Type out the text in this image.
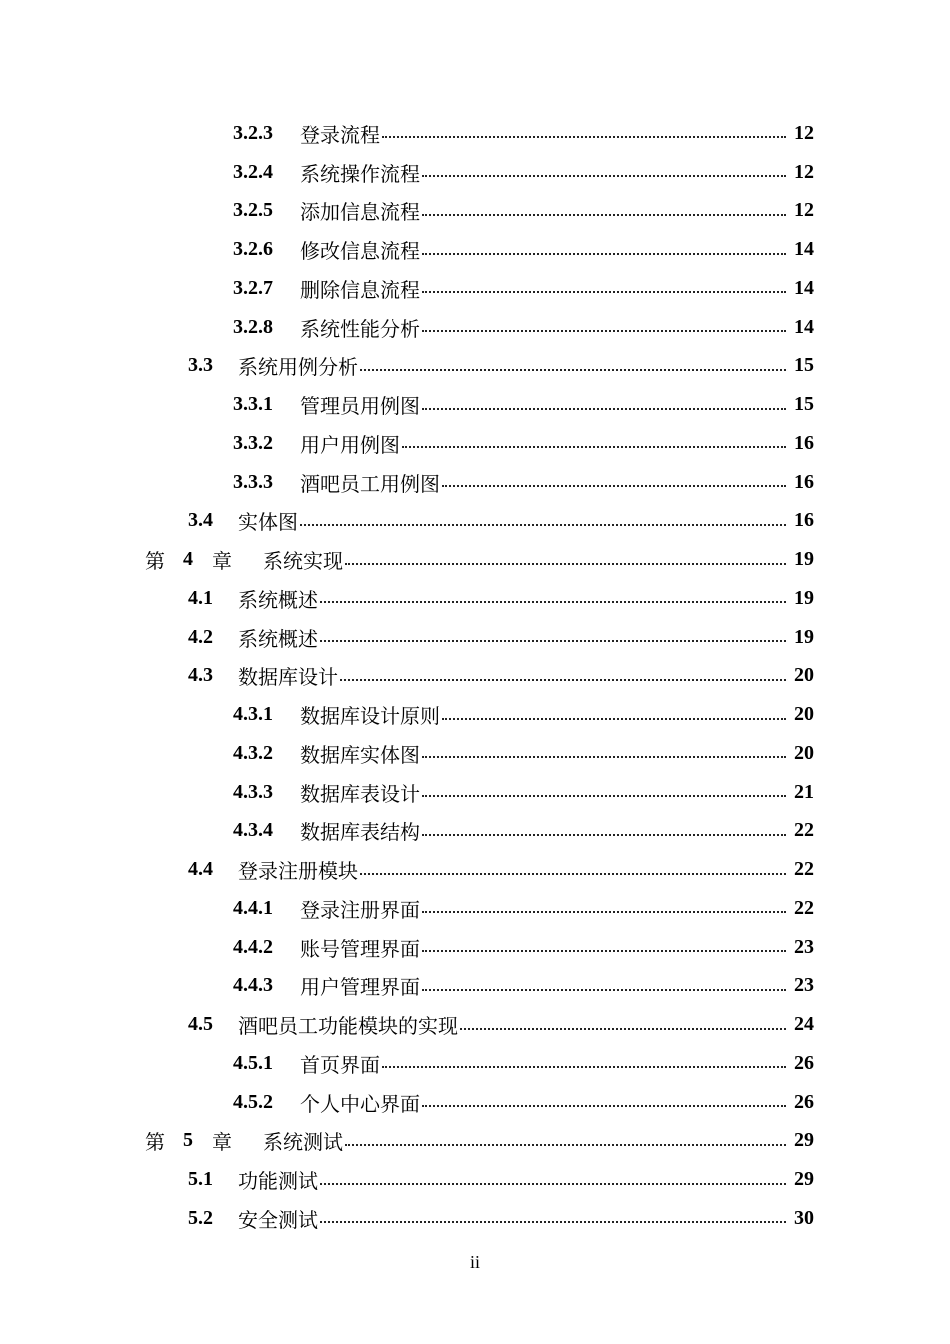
3.2.3	登录流程	12
3.2.4	系统操作流程	12
3.2.5	添加信息流程	12
3.2.6	修改信息流程	14
3.2.7	删除信息流程	14
3.2.8	系统性能分析	14
3.3	系统用例分析	15
3.3.1	管理员用例图	15
3.3.2	用户用例图	16
3.3.3	酒吧员工用例图	16
3.4	实体图	16
第 4 章	系统实现	19
4.1	系统概述	19
4.2	系统概述	19
4.3	数据库设计	20
4.3.1	数据库设计原则	20
4.3.2	数据库实体图	20
4.3.3	数据库表设计	21
4.3.4	数据库表结构	22
4.4	登录注册模块	22
4.4.1	登录注册界面	22
4.4.2	账号管理界面	23
4.4.3	用户管理界面	23
4.5	酒吧员工功能模块的实现	24
4.5.1	首页界面	26
4.5.2	个人中心界面	26
第 5 章	系统测试	29
5.1	功能测试	29
5.2	安全测试	30
ii
